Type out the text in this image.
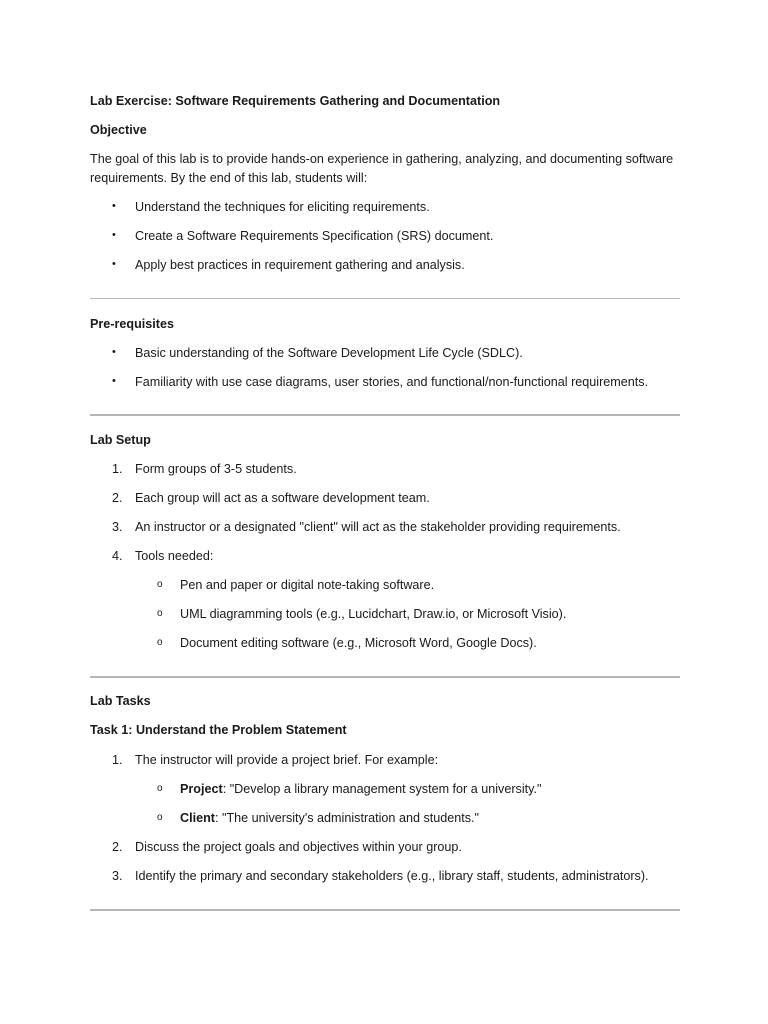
Lab Exercise: Software Requirements Gathering and Documentation
Objective
The goal of this lab is to provide hands-on experience in gathering, analyzing, and documenting software
requirements. By the end of this lab, students will:
• Understand the techniques for eliciting requirements.
• Create a Software Requirements Specification (SRS) document.
• Apply best practices in requirement gathering and analysis.
Pre-requisites
• Basic understanding of the Software Development Life Cycle (SDLC).
• Familiarity with use case diagrams, user stories, and functional/non-functional requirements.
Lab Setup
1. Form groups of 3-5 students.
2. Each group will act as a software development team.
3. An instructor or a designated "client" will act as the stakeholder providing requirements.
4. Tools needed:
o Pen and paper or digital note-taking software.
o UML diagramming tools (e.g., Lucidchart, Draw.io, or Microsoft Visio).
o Document editing software (e.g., Microsoft Word, Google Docs).
Lab Tasks
Task 1: Understand the Problem Statement
1. The instructor will provide a project brief. For example:
o Project: "Develop a library management system for a university."
o Client: "The university's administration and students."
2. Discuss the project goals and objectives within your group.
3. Identify the primary and secondary stakeholders (e.g., library staff, students, administrators).
